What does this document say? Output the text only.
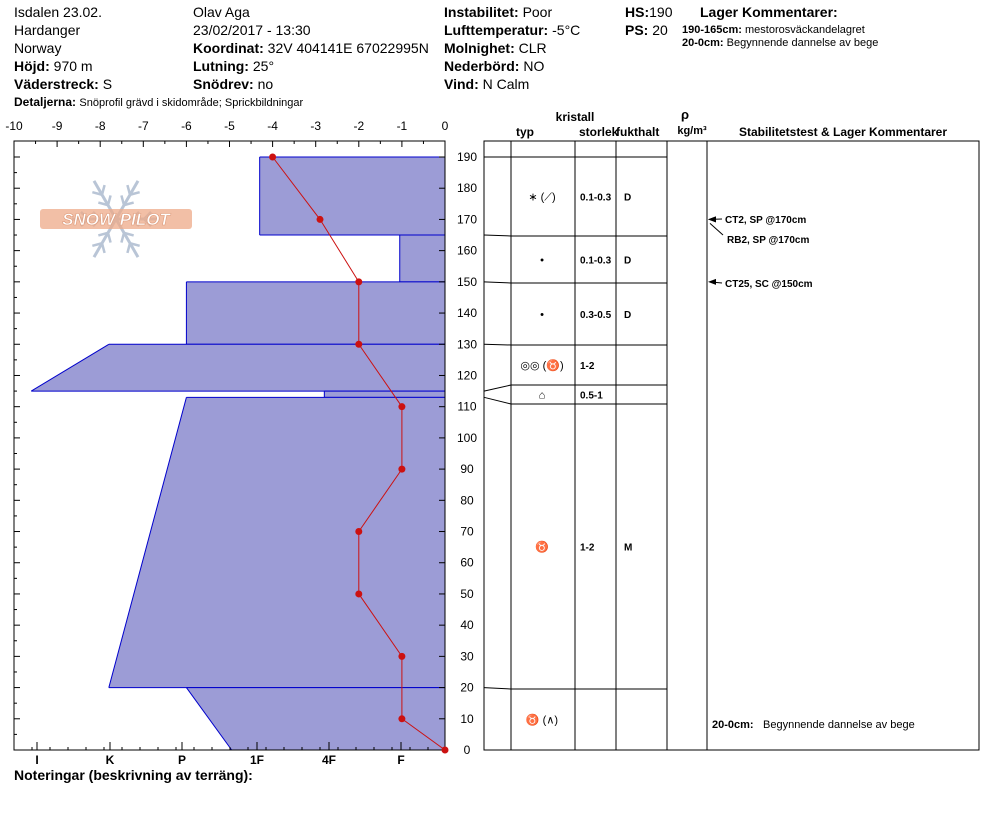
Isdalen 23.02.
Hardanger
Norway
Höjd: 970 m
Väderstreck: S
Olav Aga
23/02/2017 - 13:30
Koordinat: 32V 404141E 67022995N
Lutning: 25°
Snödrev: no
Instabilitet: Poor
Lufttemperatur: -5°C
Molnighet: CLR
Nederbörd: NO
Vind: N Calm
HS:190
PS: 20
Lager Kommentarer:
190-165cm: mestorosväckandelagret
20-0cm: Begynnende dannelse av bege
Detaljerna: Snöprofil grävd i skidområde; Sprickbildningar
SNOW PILOT
-10 -9	-8	-7	-6	-5	-4	-3	-2	-1	0
190
180
170
160
150
140
130
120
110
100
90
80
70
60
50
40
30
20
10
0
I	K	P	1F	4F	F
kristall
typ	storlek
fukthalt
ρ
kg/m³	Stabilitetstest & Lager Kommentarer
∗ (⟋) 0.1-0.3 D
•	0.1-0.3 D
•	0.3-0.5 D
◎◎ (♉) 1-2
⌂	0.5-1
♉	1-2	M
♉ (∧)
CT2, SP @170cm
RB2, SP @170cm
CT25, SC @150cm
20-0cm: Begynnende dannelse av bege
Noteringar (beskrivning av terräng):
